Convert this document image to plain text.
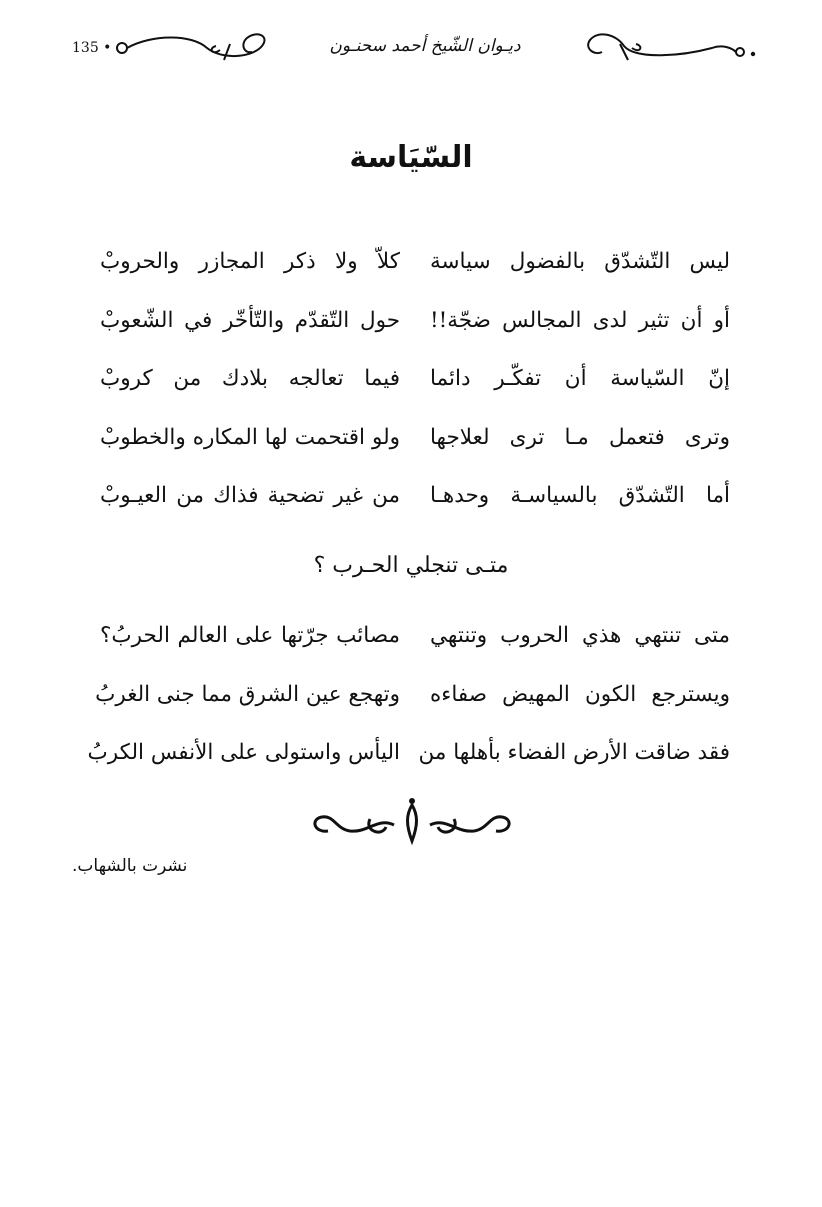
135 •	ديـوان الشّيخ أحمد سحنـون
السّيَاسة
ليس التّشدّق بالفضول سياسة
كلاّ ولا ذكر المجازر والحروبْ
أو أن تثير لدى المجالس ضجّة!!
حول التّقدّم والتّأخّر في الشّعوبْ
إنّ السّياسة أن تفكّـر دائما
فيما تعالجه بلادك من كروبْ
وترى فتعمل مـا ترى لعلاجها
ولو اقتحمت لها المكاره والخطوبْ
أما التّشدّق بالسياسـة وحدهـا
من غير تضحية فذاك من العيـوبْ
متـى تنجلي الحـرب ؟
متى تنتهي هذي الحروب وتنتهي
مصائب جرّتها على العالم الحربُ؟
ويسترجع الكون المهيض صفاءه
وتهجع عين الشرق مما جنى الغربُ
فقد ضاقت الأرض الفضاء بأهلها من
اليأس واستولى على الأنفس الكربُ
نشرت بالشهاب.
